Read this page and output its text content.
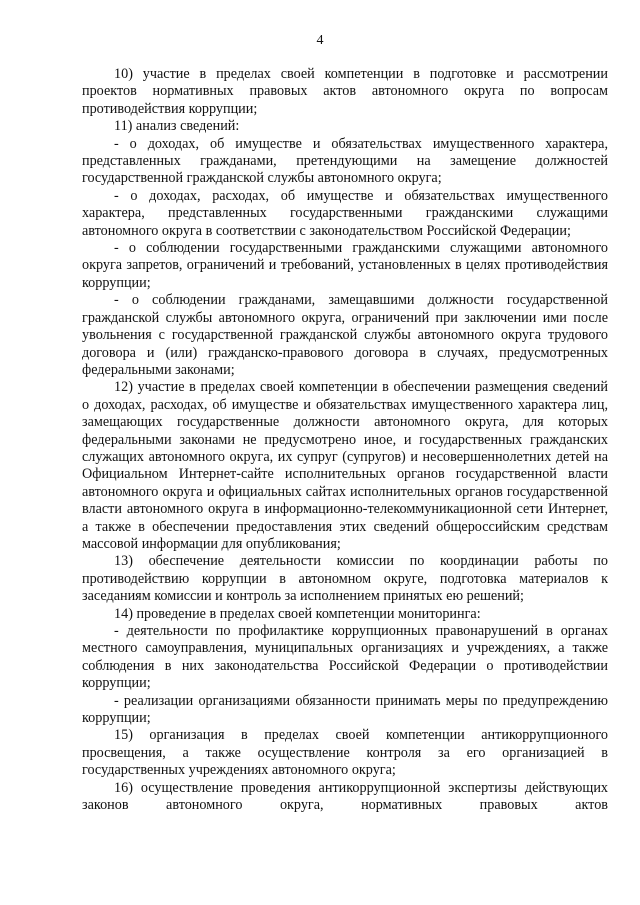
4

10) участие в пределах своей компетенции в подготовке и рассмотрении проектов нормативных правовых актов автономного округа по вопросам противодействия коррупции;

11) анализ сведений:

- о доходах, об имуществе и обязательствах имущественного характера, представленных гражданами, претендующими на замещение должностей государственной гражданской службы автономного округа;

- о доходах, расходах, об имуществе и обязательствах имущественного характера, представленных государственными гражданскими служащими автономного округа в соответствии с законодательством Российской Федерации;

- о соблюдении государственными гражданскими служащими автономного округа запретов, ограничений и требований, установленных в целях противодействия коррупции;

- о соблюдении гражданами, замещавшими должности государственной гражданской службы автономного округа, ограничений при заключении ими после увольнения с государственной гражданской службы автономного округа трудового договора и (или) гражданско-правового договора в случаях, предусмотренных федеральными законами;

12) участие в пределах своей компетенции в обеспечении размещения сведений о доходах, расходах, об имуществе и обязательствах имущественного характера лиц, замещающих государственные должности автономного округа, для которых федеральными законами не предусмотрено иное, и государственных гражданских служащих автономного округа, их супруг (супругов) и несовершеннолетних детей на Официальном Интернет-сайте исполнительных органов государственной власти автономного округа и официальных сайтах исполнительных органов государственной власти автономного округа в информационно-телекоммуникационной сети Интернет, а также в обеспечении предоставления этих сведений общероссийским средствам массовой информации для опубликования;

13) обеспечение деятельности комиссии по координации работы по противодействию коррупции в автономном округе, подготовка материалов к заседаниям комиссии и контроль за исполнением принятых ею решений;

14) проведение в пределах своей компетенции мониторинга:

- деятельности по профилактике коррупционных правонарушений в органах местного самоуправления, муниципальных организациях и учреждениях, а также соблюдения в них законодательства Российской Федерации о противодействии коррупции;

- реализации организациями обязанности принимать меры по предупреждению коррупции;

15) организация в пределах своей компетенции антикоррупционного просвещения, а также осуществление контроля за его организацией в государственных учреждениях автономного округа;

16) осуществление проведения антикоррупционной экспертизы действующих законов автономного округа, нормативных правовых актов
